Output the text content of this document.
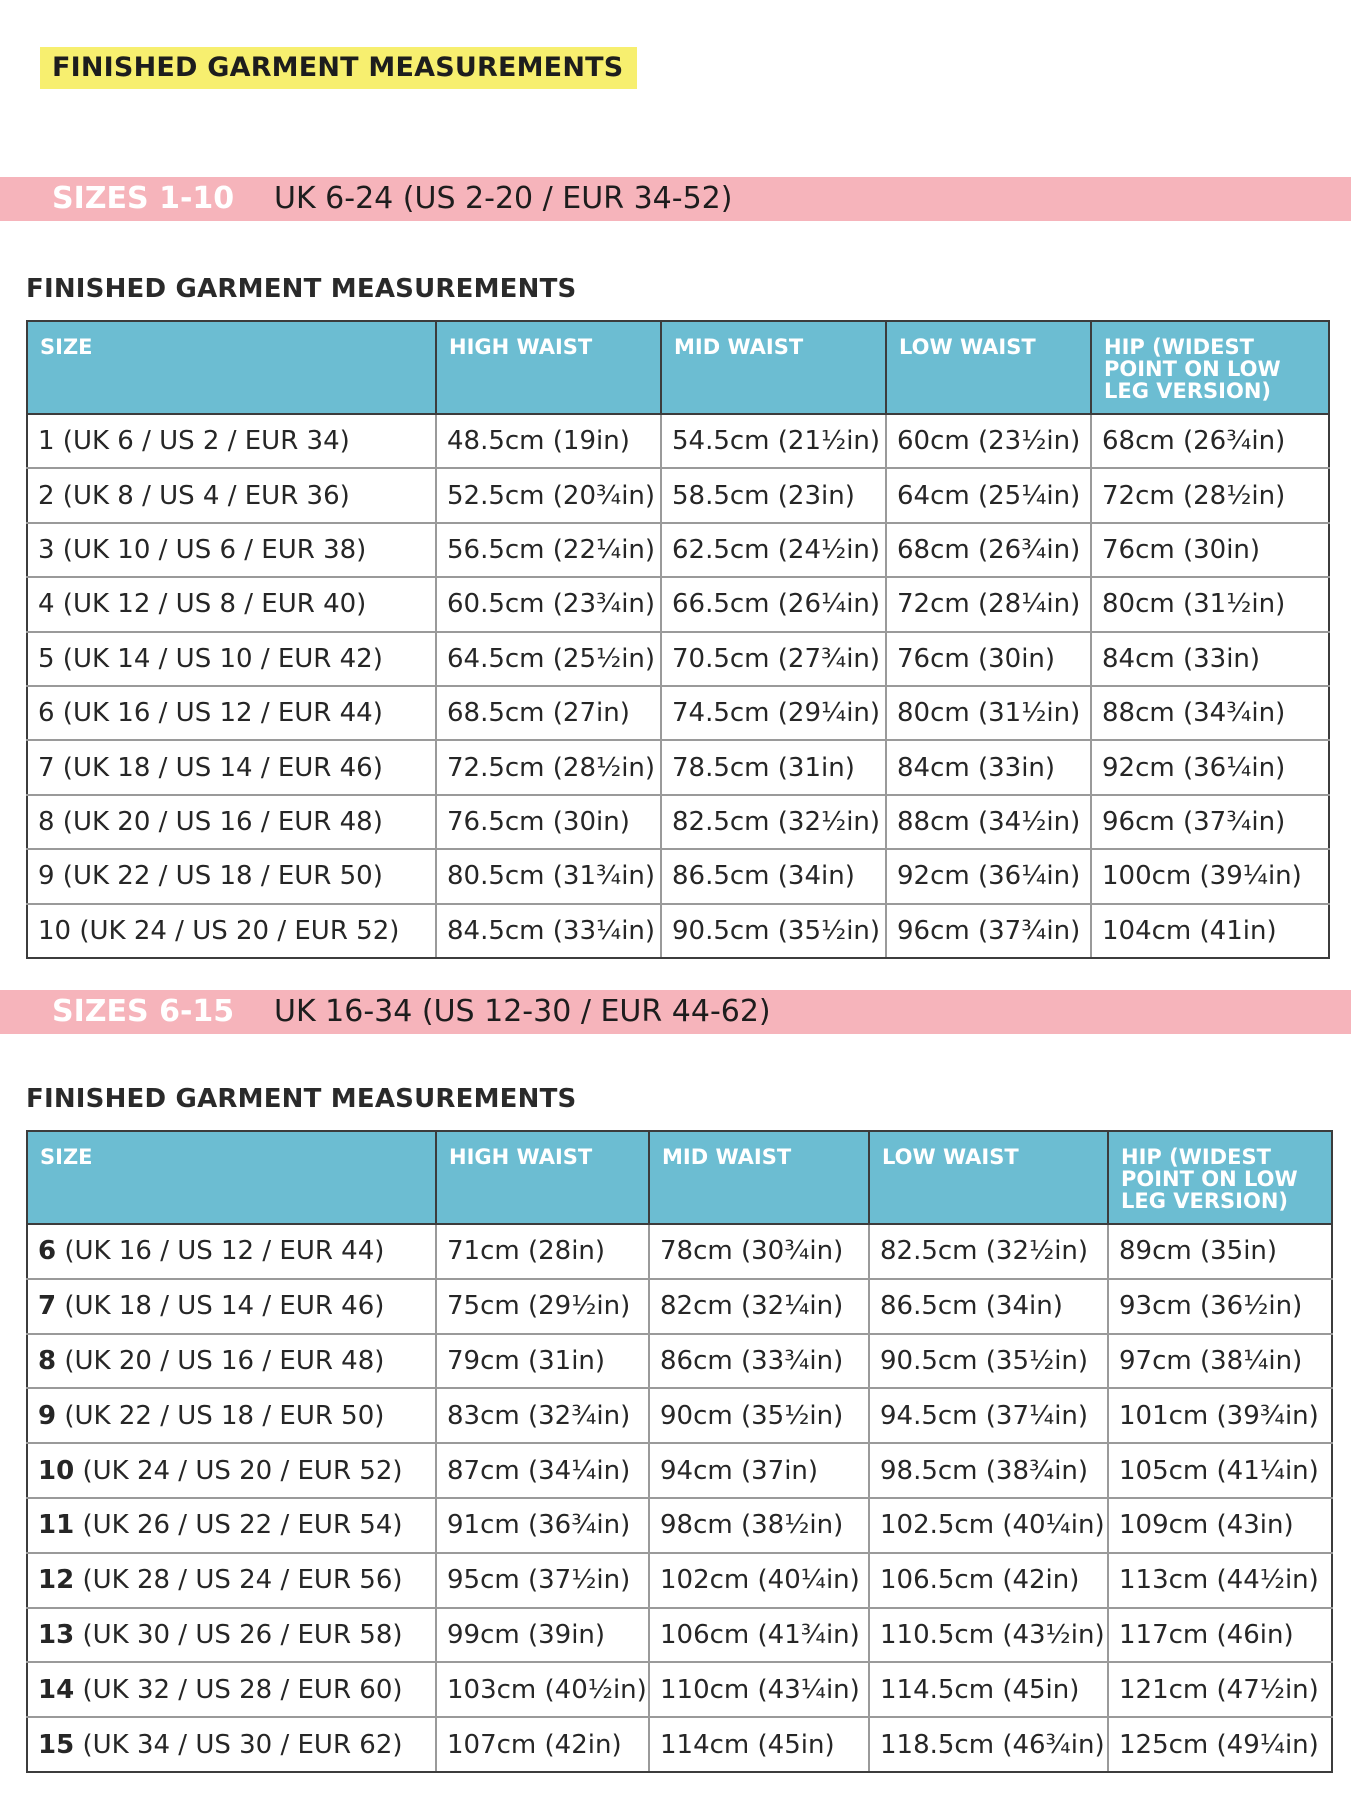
FINISHED GARMENT MEASUREMENTS
SIZES 1-10 UK 6-24 (US 2-20 / EUR 34-52)
FINISHED GARMENT MEASUREMENTS
SIZE	HIGH WAIST	MID WAIST	LOW WAIST	HIP (WIDEST POINT ON LOW LEG VERSION)
1 (UK 6 / US 2 / EUR 34)	48.5cm (19in)	54.5cm (21½in)	60cm (23½in)	68cm (26¾in)
2 (UK 8 / US 4 / EUR 36)	52.5cm (20¾in)	58.5cm (23in)	64cm (25¼in)	72cm (28½in)
3 (UK 10 / US 6 / EUR 38)	56.5cm (22¼in)	62.5cm (24½in)	68cm (26¾in)	76cm (30in)
4 (UK 12 / US 8 / EUR 40)	60.5cm (23¾in)	66.5cm (26¼in)	72cm (28¼in)	80cm (31½in)
5 (UK 14 / US 10 / EUR 42)	64.5cm (25½in)	70.5cm (27¾in)	76cm (30in)	84cm (33in)
6 (UK 16 / US 12 / EUR 44)	68.5cm (27in)	74.5cm (29¼in)	80cm (31½in)	88cm (34¾in)
7 (UK 18 / US 14 / EUR 46)	72.5cm (28½in)	78.5cm (31in)	84cm (33in)	92cm (36¼in)
8 (UK 20 / US 16 / EUR 48)	76.5cm (30in)	82.5cm (32½in)	88cm (34½in)	96cm (37¾in)
9 (UK 22 / US 18 / EUR 50)	80.5cm (31¾in)	86.5cm (34in)	92cm (36¼in)	100cm (39¼in)
10 (UK 24 / US 20 / EUR 52)	84.5cm (33¼in)	90.5cm (35½in)	96cm (37¾in)	104cm (41in)
SIZES 6-15 UK 16-34 (US 12-30 / EUR 44-62)
FINISHED GARMENT MEASUREMENTS
SIZE	HIGH WAIST	MID WAIST	LOW WAIST	HIP (WIDEST POINT ON LOW LEG VERSION)
6 (UK 16 / US 12 / EUR 44)	71cm (28in)	78cm (30¾in)	82.5cm (32½in)	89cm (35in)
7 (UK 18 / US 14 / EUR 46)	75cm (29½in)	82cm (32¼in)	86.5cm (34in)	93cm (36½in)
8 (UK 20 / US 16 / EUR 48)	79cm (31in)	86cm (33¾in)	90.5cm (35½in)	97cm (38¼in)
9 (UK 22 / US 18 / EUR 50)	83cm (32¾in)	90cm (35½in)	94.5cm (37¼in)	101cm (39¾in)
10 (UK 24 / US 20 / EUR 52)	87cm (34¼in)	94cm (37in)	98.5cm (38¾in)	105cm (41¼in)
11 (UK 26 / US 22 / EUR 54)	91cm (36¾in)	98cm (38½in)	102.5cm (40¼in)	109cm (43in)
12 (UK 28 / US 24 / EUR 56)	95cm (37½in)	102cm (40¼in)	106.5cm (42in)	113cm (44½in)
13 (UK 30 / US 26 / EUR 58)	99cm (39in)	106cm (41¾in)	110.5cm (43½in)	117cm (46in)
14 (UK 32 / US 28 / EUR 60)	103cm (40½in)	110cm (43¼in)	114.5cm (45in)	121cm (47½in)
15 (UK 34 / US 30 / EUR 62)	107cm (42in)	114cm (45in)	118.5cm (46¾in)	125cm (49¼in)
